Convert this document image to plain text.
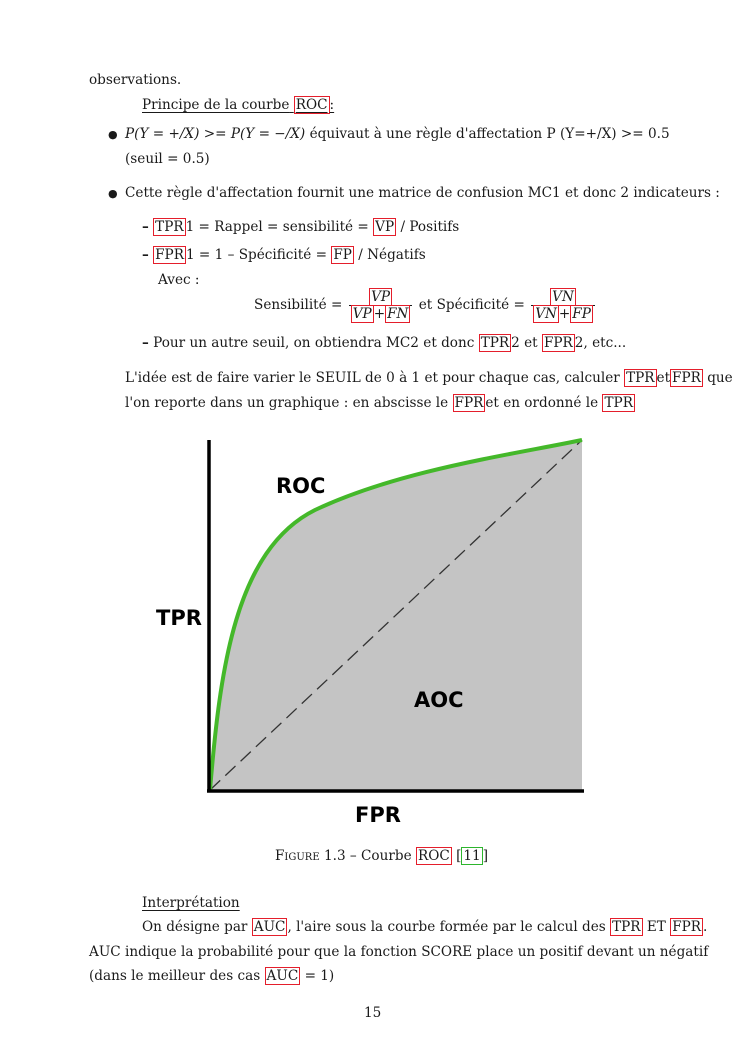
observations.
Principe de la courbe ROC :
● P(Y = +/X) >= P(Y = −/X) équivaut à une règle d'affectation P (Y=+/X) >= 0.5
(seuil = 0.5)
● Cette règle d'affectation fournit une matrice de confusion MC1 et donc 2 indicateurs :
– TPR 1 = Rappel = sensibilité = VP / Positifs
– FPR 1 = 1 – Spécificité = FP / Négatifs
Avec :
Sensibilité = $\frac{VP}{VP + FN}$ et Spécificité = $\frac{VN}{VN + FP}$
– Pour un autre seuil, on obtiendra MC2 et donc TPR 2 et FPR 2, etc...
L'idée est de faire varier le SEUIL de 0 à 1 et pour chaque cas, calculer TPR et FPR que
l'on reporte dans un graphique : en abscisse le FPR et en ordonné le TPR
ROC
AOC
TPR
FPR
Figure 1.3 – Courbe ROC [ 11 ]
Interprétation
On désigne par AUC , l'aire sous la courbe formée par le calcul des TPR ET FPR .
AUC indique la probabilité pour que la fonction SCORE place un positif devant un négatif
(dans le meilleur des cas AUC = 1)
15
